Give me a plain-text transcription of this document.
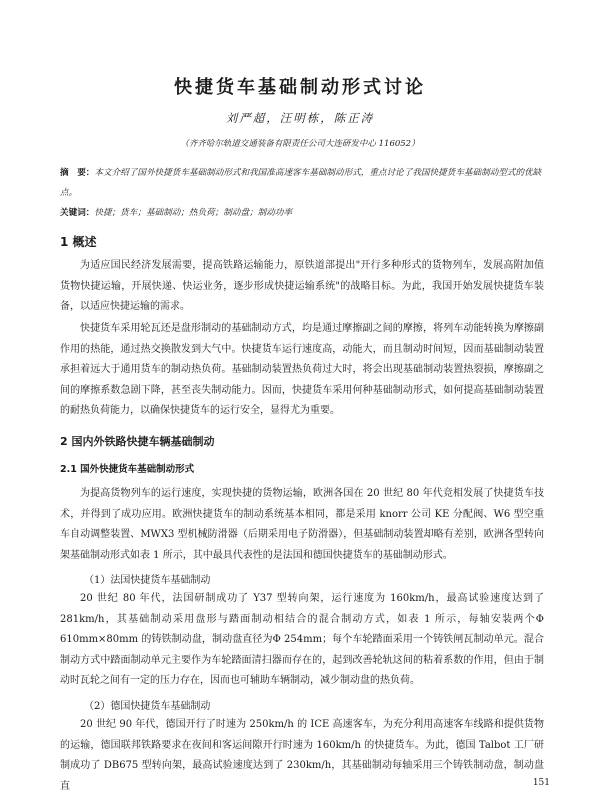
快捷货车基础制动形式讨论
刘严超，汪明栋，陈正涛
（齐齐哈尔轨道交通装备有限责任公司大连研发中心 116052）
摘　要：本文介绍了国外快捷货车基础制动形式和我国准高速客车基础制动形式，重点讨论了我国快捷货车基础制动型式的优缺点。
关键词：快捷；货车；基础制动；热负荷；制动盘；制动功率
1 概述
为适应国民经济发展需要，提高铁路运输能力，原铁道部提出"开行多种形式的货物列车，发展高附加值货物快捷运输，开展快递、快运业务，逐步形成快捷运输系统"的战略目标。为此，我国开始发展快捷货车装备，以适应快捷运输的需求。
快捷货车采用轮瓦还是盘形制动的基础制动方式，均是通过摩擦副之间的摩擦，将列车动能转换为摩擦副作用的热能，通过热交换散发到大气中。快捷货车运行速度高，动能大，而且制动时间短，因而基础制动装置承担着远大于通用货车的制动热负荷。基础制动装置热负荷过大时，将会出现基础制动装置热裂损，摩擦副之间的摩擦系数急剧下降，甚至丧失制动能力。因而，快捷货车采用何种基础制动形式，如何提高基础制动装置的耐热负荷能力，以确保快捷货车的运行安全，显得尤为重要。
2 国内外铁路快捷车辆基础制动
2.1 国外快捷货车基础制动形式
为提高货物列车的运行速度，实现快捷的货物运输，欧洲各国在 20 世纪 80 年代竞相发展了快捷货车技术，并得到了成功应用。欧洲快捷货车的制动系统基本相同，都是采用 knorr 公司 KE 分配阀、W6 型空重车自动调整装置、MWX3 型机械防滑器（后期采用电子防滑器），但基础制动装置却略有差别，欧洲各型转向架基础制动形式如表 1 所示，其中最具代表性的是法国和德国快捷货车的基础制动形式。
（1）法国快捷货车基础制动
20 世纪 80 年代，法国研制成功了 Y37 型转向架，运行速度为 160km/h，最高试验速度达到了 281km/h，其基础制动采用盘形与踏面制动相结合的混合制动方式，如表 1 所示，每轴安装两个Φ 610mm×80mm 的铸铁制动盘，制动盘直径为Φ 254mm；每个车轮踏面采用一个铸铁闸瓦制动单元。混合制动方式中踏面制动单元主要作为车轮踏面清扫器而存在的，起到改善轮轨这间的粘着系数的作用，但由于制动时瓦轮之间有一定的压力存在，因而也可辅助车辆制动，减少制动盘的热负荷。
（2）德国快捷货车基础制动
20 世纪 90 年代，德国开行了时速为 250km/h 的 ICE 高速客车，为充分利用高速客车线路和提供货物的运输，德国联邦铁路要求在夜间和客运间隙开行时速为 160km/h 的快捷货车。为此，德国 Talbot 工厂研制成功了 DB675 型转向架，最高试验速度达到了 230km/h，其基础制动每轴采用三个铸铁制动盘，制动盘直	151
